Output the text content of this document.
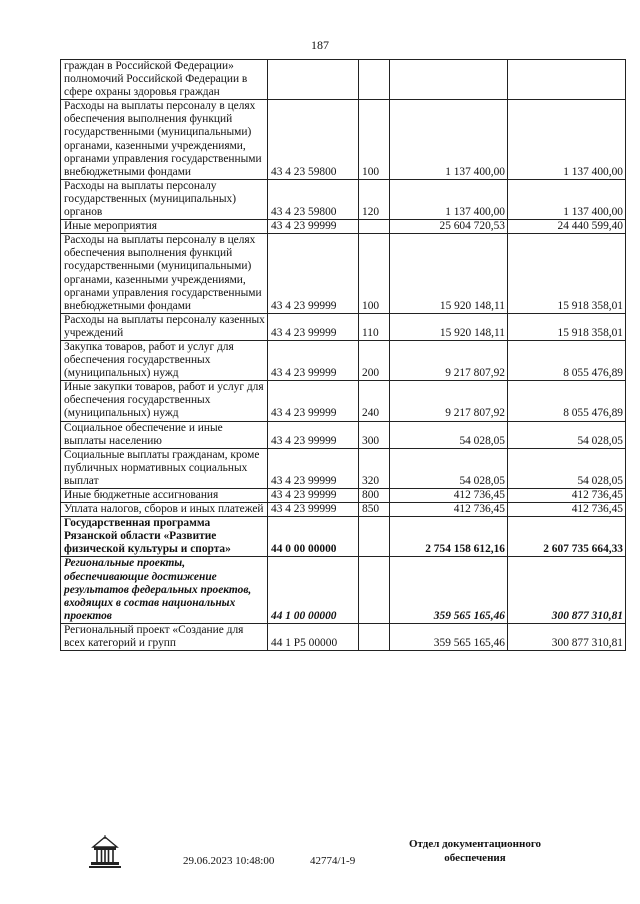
187
граждан в Российской Федерации» полномочий Российской Федерации в сфере охраны здоровья граждан				
Расходы на выплаты персоналу в целях обеспечения выполнения функций государственными (муниципальными) органами, казенными учреждениями, органами управления государственными внебюджетными фондами	43 4 23 59800	100	1 137 400,00	1 137 400,00
Расходы на выплаты персоналу государственных (муниципальных) органов	43 4 23 59800	120	1 137 400,00	1 137 400,00
Иные мероприятия	43 4 23 99999		25 604 720,53	24 440 599,40
Расходы на выплаты персоналу в целях обеспечения выполнения функций государственными (муниципальными) органами, казенными учреждениями, органами управления государственными внебюджетными фондами	43 4 23 99999	100	15 920 148,11	15 918 358,01
Расходы на выплаты персоналу казенных учреждений	43 4 23 99999	110	15 920 148,11	15 918 358,01
Закупка товаров, работ и услуг для обеспечения государственных (муниципальных) нужд	43 4 23 99999	200	9 217 807,92	8 055 476,89
Иные закупки товаров, работ и услуг для обеспечения государственных (муниципальных) нужд	43 4 23 99999	240	9 217 807,92	8 055 476,89
Социальное обеспечение и иные выплаты населению	43 4 23 99999	300	54 028,05	54 028,05
Социальные выплаты гражданам, кроме публичных нормативных социальных выплат	43 4 23 99999	320	54 028,05	54 028,05
Иные бюджетные ассигнования	43 4 23 99999	800	412 736,45	412 736,45
Уплата налогов, сборов и иных платежей	43 4 23 99999	850	412 736,45	412 736,45
Государственная программа Рязанской области «Развитие физической культуры и спорта»	44 0 00 00000		2 754 158 612,16	2 607 735 664,33
Региональные проекты, обеспечивающие достижение результатов федеральных проектов, входящих в состав национальных проектов	44 1 00 00000		359 565 165,46	300 877 310,81
Региональный проект «Создание для всех категорий и групп	44 1 P5 00000		359 565 165,46	300 877 310,81
29.06.2023 10:48:00	42774/1-9
Отдел документационного
обеспечения
